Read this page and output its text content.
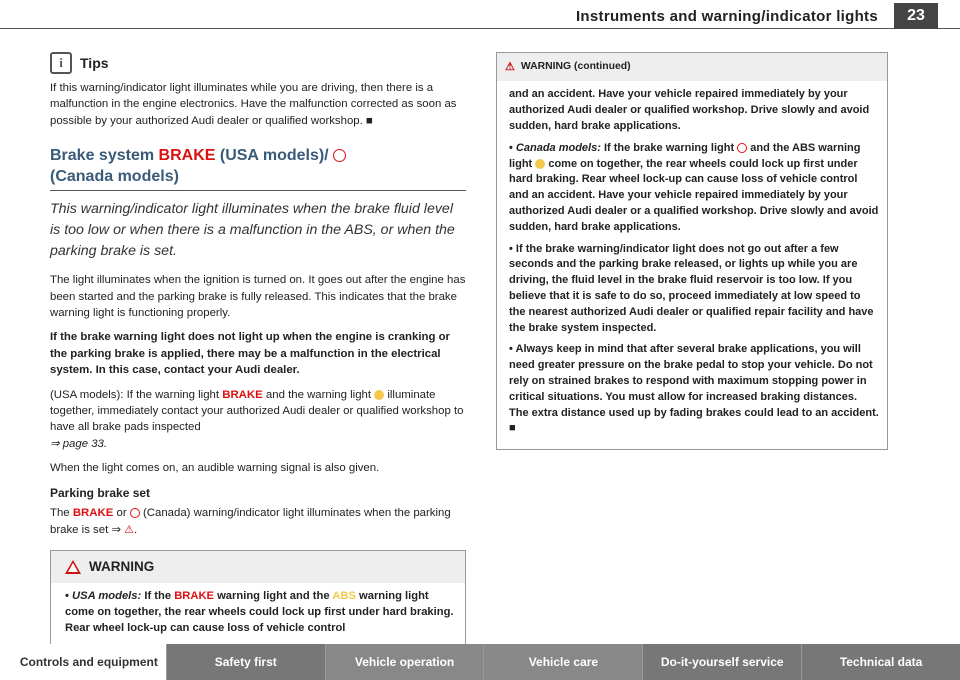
Instruments and warning/indicator lights	23
i	Tips

If this warning/indicator light illuminates while you are driving, then there is a malfunction in the engine electronics. Have the malfunction corrected as soon as possible by your authorized Audi dealer or qualified workshop. ■

Brake system BRAKE (USA models)/
(Canada models)
This warning/indicator light illuminates when the brake fluid level is too low or when there is a malfunction in the ABS, or when the parking brake is set.

The light illuminates when the ignition is turned on. It goes out after the engine has been started and the parking brake is fully released. This indicates that the brake warning light is functioning properly.

If the brake warning light does not light up when the engine is cranking or the parking brake is applied, there may be a malfunction in the electrical system. In this case, contact your Audi dealer.

(USA models): If the warning light BRAKE and the warning light illuminate together, immediately contact your authorized Audi dealer or qualified workshop to have all brake pads inspected
⇒ page 33.

When the light comes on, an audible warning signal is also given.

Parking brake set

The BRAKE or (Canada) warning/indicator light illuminates when the parking brake is set ⇒ ⚠.

WARNING
• USA models: If the BRAKE warning light and the ABS warning light come on together, the rear wheels could lock up first under hard braking. Rear wheel lock-up can cause loss of vehicle control
⚠ WARNING (continued)

and an accident. Have your vehicle repaired immediately by your authorized Audi dealer or qualified workshop. Drive slowly and avoid sudden, hard brake applications.

• Canada models: If the brake warning light and the ABS warning light come on together, the rear wheels could lock up first under hard braking. Rear wheel lock-up can cause loss of vehicle control and an accident. Have your vehicle repaired immediately by your authorized Audi dealer or a qualified workshop. Drive slowly and avoid sudden, hard brake applications.

• If the brake warning/indicator light does not go out after a few seconds and the parking brake released, or lights up while you are driving, the fluid level in the brake fluid reservoir is too low. If you believe that it is safe to do so, proceed immediately at low speed to the nearest authorized Audi dealer or qualified repair facility and have the brake system inspected.

• Always keep in mind that after several brake applications, you will need greater pressure on the brake pedal to stop your vehicle. Do not rely on strained brakes to respond with maximum stopping power in critical situations. You must allow for increased braking distances. The extra distance used up by fading brakes could lead to an accident. ■

Controls and equipment	Safety first	Vehicle operation	Vehicle care	Do-it-yourself service	Technical data
